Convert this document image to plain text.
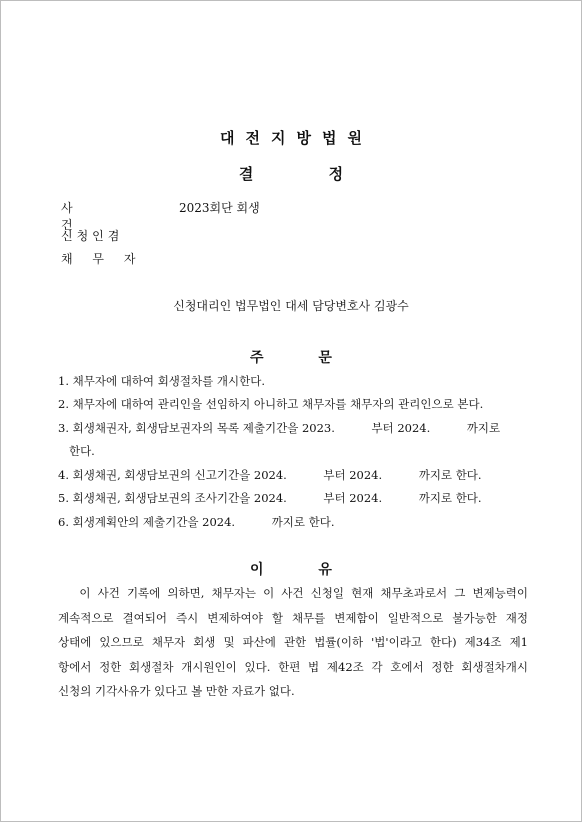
대전지방법원
결 정
사 건
2023회단 회생
신청인겸
채 무 자
신청대리인 법무법인 대세 담당변호사 김광수
주 문
1. 채무자에 대하여 회생절차를 개시한다.
2. 채무자에 대하여 관리인을 선임하지 아니하고 채무자를 채무자의 관리인으로 본다.
3. 회생채권자, 회생담보권자의 목록 제출기간을 2023.          부터 2024.          까지로
한다.
4. 회생채권, 회생담보권의 신고기간을 2024.          부터 2024.          까지로 한다.
5. 회생채권, 회생담보권의 조사기간을 2024.          부터 2024.          까지로 한다.
6. 회생계획안의 제출기간을 2024.          까지로 한다.
이 유
이 사건 기록에 의하면, 채무자는 이 사건 신청일 현재 채무초과로서 그 변제능력이
계속적으로 결여되어 즉시 변제하여야 할 채무를 변제함이 일반적으로 불가능한 재정
상태에 있으므로 채무자 회생 및 파산에 관한 법률(이하 '법'이라고 한다) 제34조 제1
항에서 정한 회생절차 개시원인이 있다. 한편 법 제42조 각 호에서 정한 회생절차개시
신청의 기각사유가 있다고 볼 만한 자료가 없다.
